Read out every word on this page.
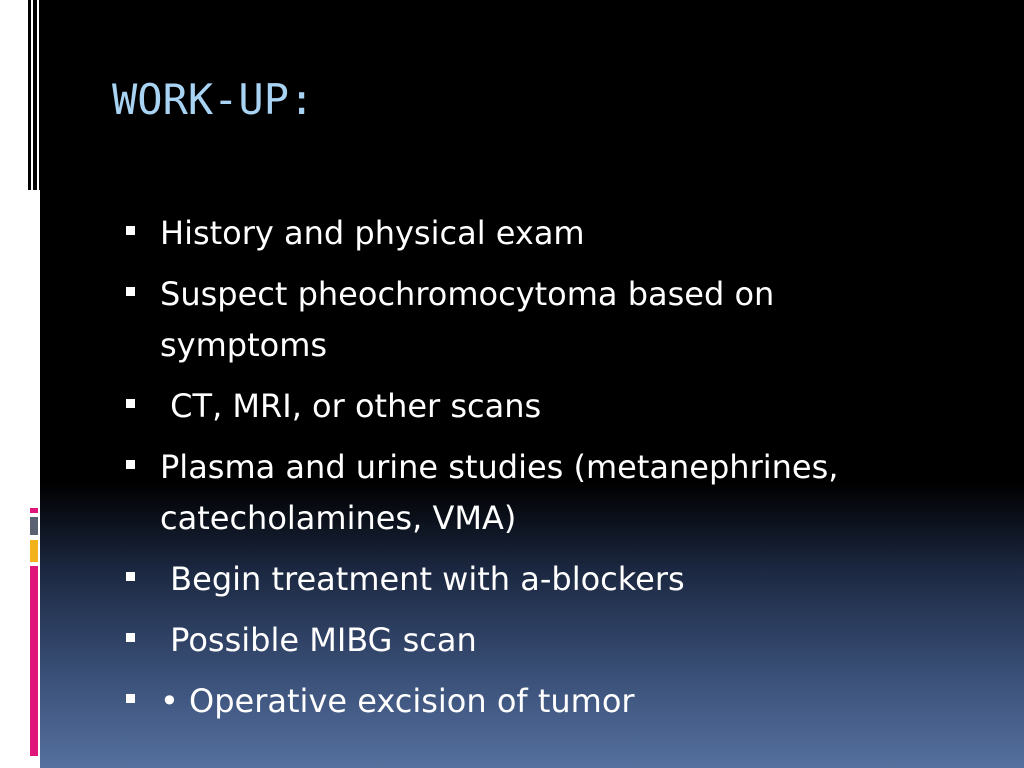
WORK-UP:
History and physical exam
Suspect pheochromocytoma based on symptoms
CT, MRI, or other scans
Plasma and urine studies (metanephrines, catecholamines, VMA)
Begin treatment with a-blockers
Possible MIBG scan
• Operative excision of tumor
